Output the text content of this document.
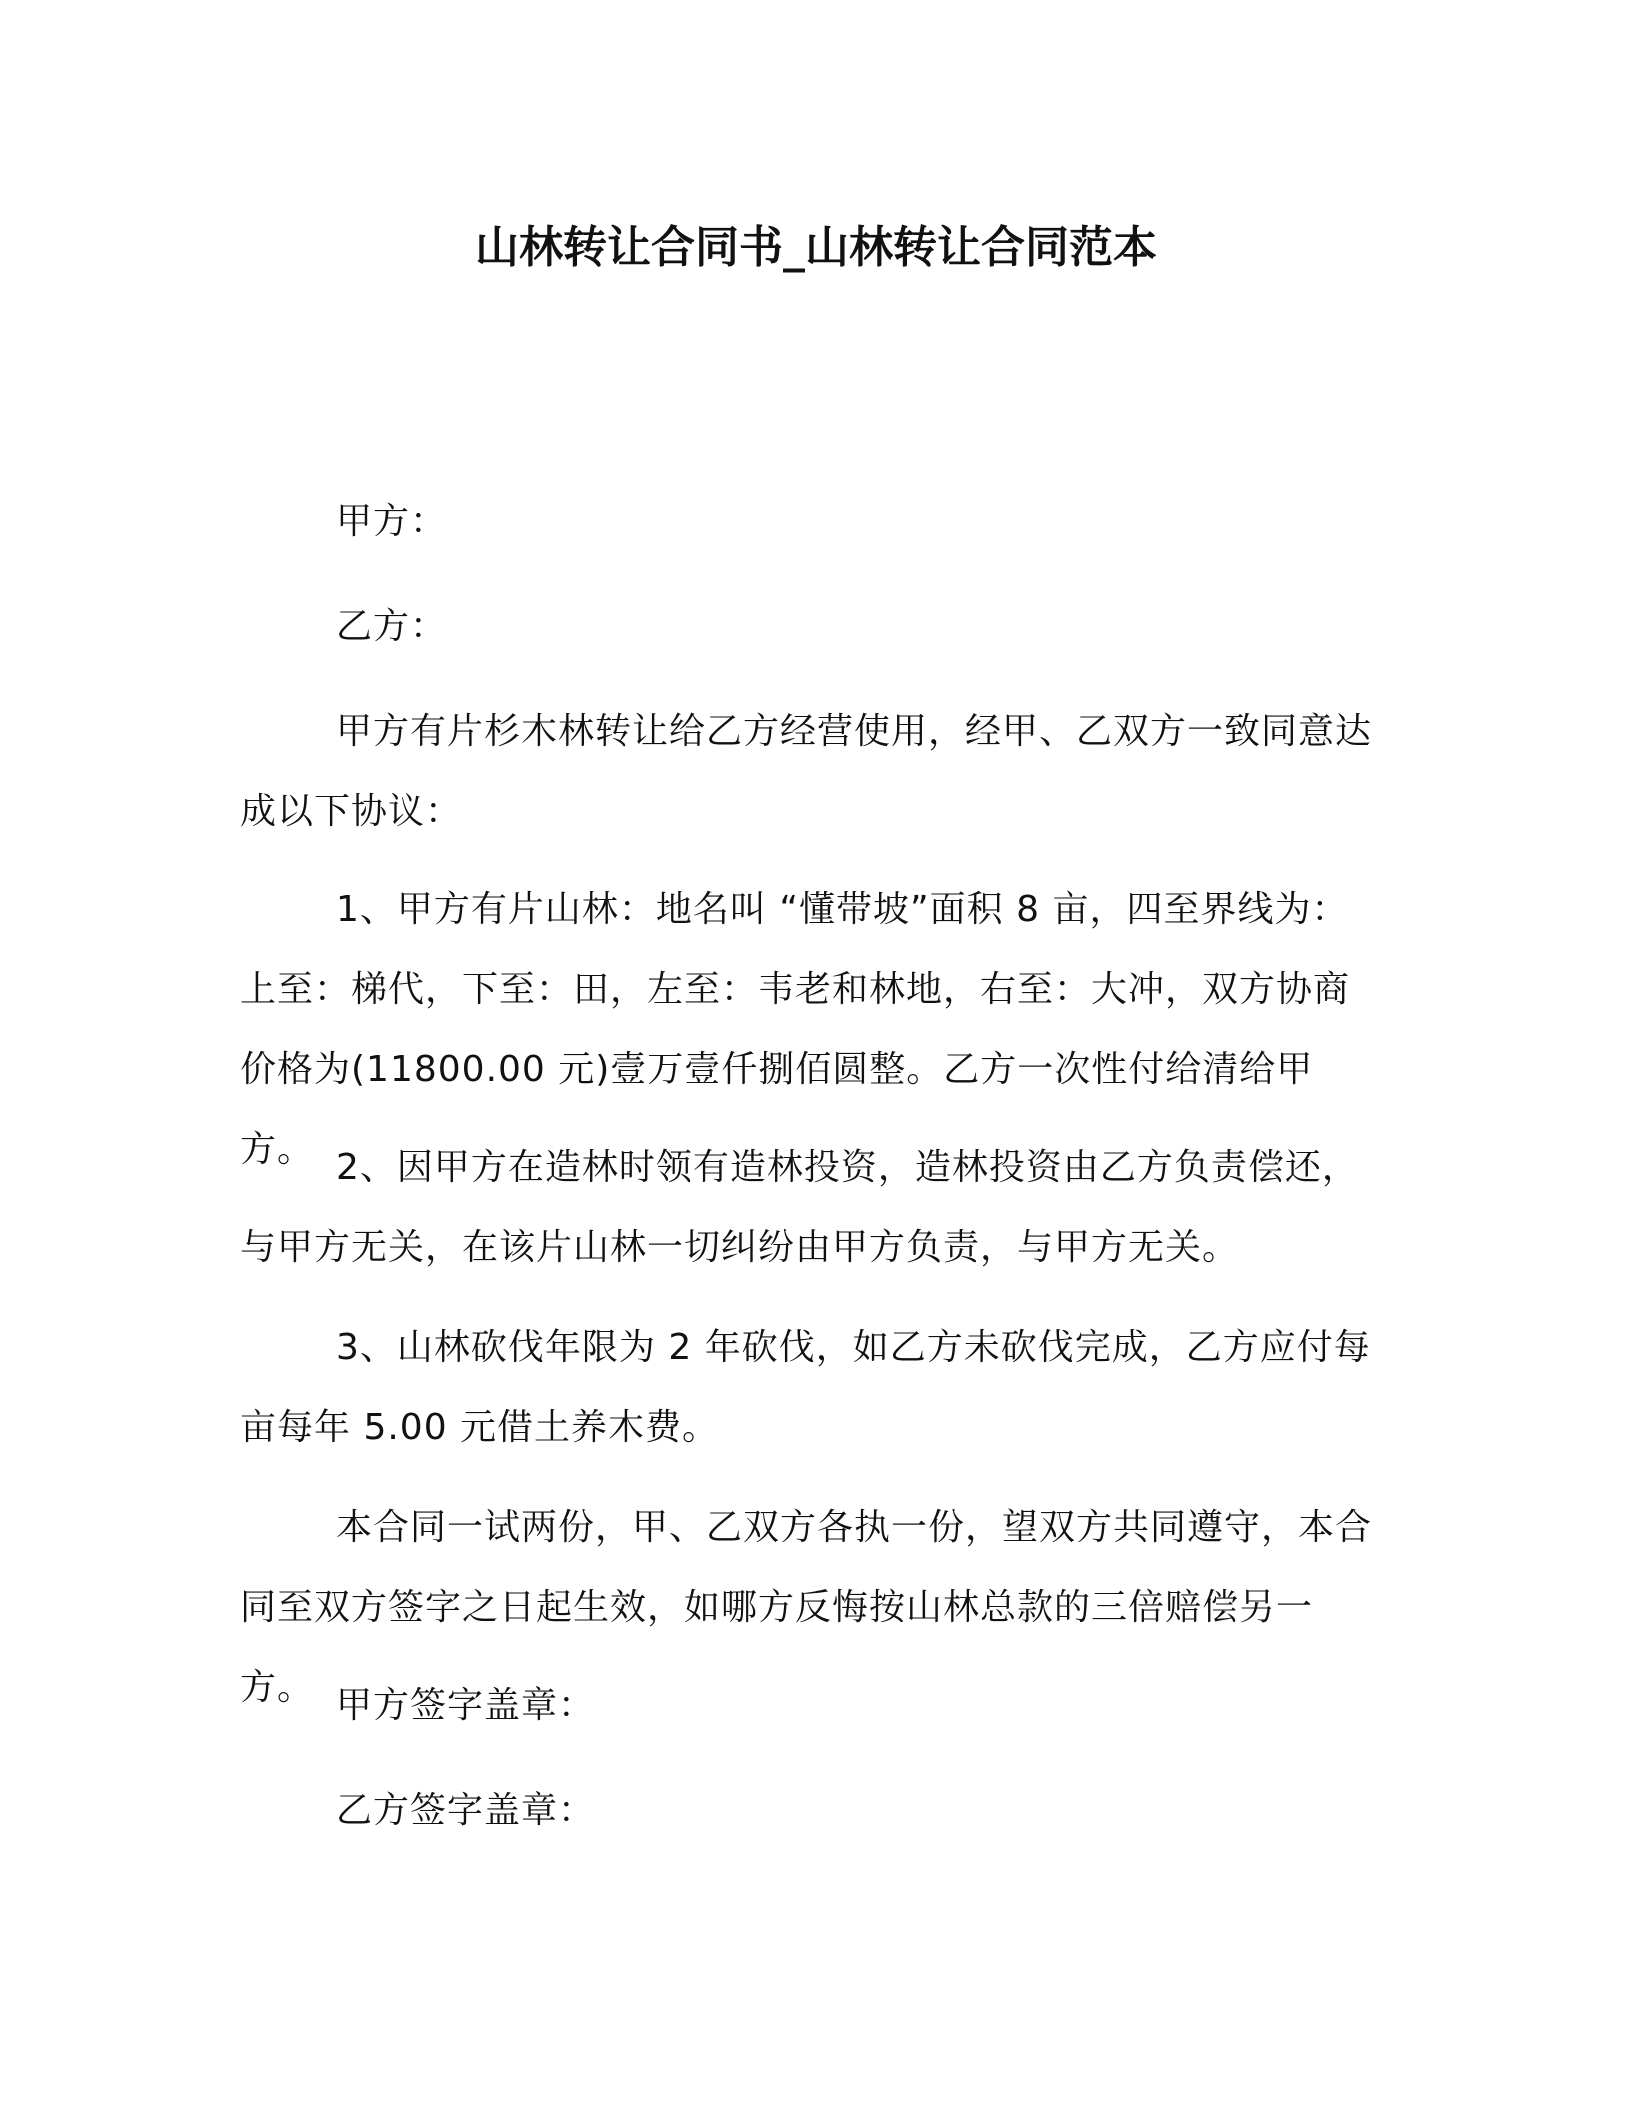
山林转让合同书_山林转让合同范本

甲方：

乙方：

甲方有片杉木林转让给乙方经营使用，经甲、乙双方一致同意达成以下协议：

1、甲方有片山林：地名叫 “懂带坡”面积 8 亩，四至界线为：上至：梯代，下至：田，左至：韦老和林地，右至：大冲，双方协商价格为(11800.00 元)壹万壹仟捌佰圆整。乙方一次性付给清给甲方。 2、因甲方在造林时领有造林投资，造林投资由乙方负责偿还，与甲方无关，在该片山林一切纠纷由甲方负责，与甲方无关。

3、山林砍伐年限为 2 年砍伐，如乙方未砍伐完成，乙方应付每亩每年 5.00 元借土养木费。

本合同一试两份，甲、乙双方各执一份，望双方共同遵守，本合同至双方签字之日起生效，如哪方反悔按山林总款的三倍赔偿另一方。 甲方签字盖章：

乙方签字盖章：
